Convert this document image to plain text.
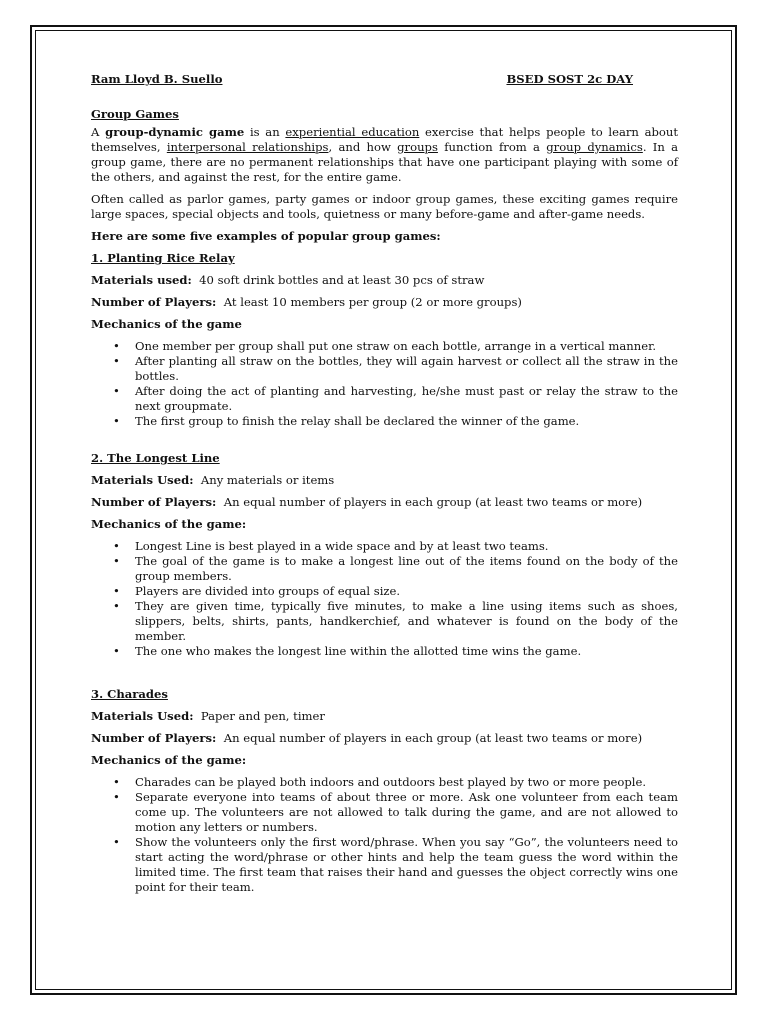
Ram Lloyd B. Suello	BSED SOST 2c DAY
Group Games

A group-dynamic game is an experiential education exercise that helps people to learn about themselves, interpersonal relationships, and how groups function from a group dynamics. In a group game, there are no permanent relationships that have one participant playing with some of the others, and against the rest, for the entire game.

Often called as parlor games, party games or indoor group games, these exciting games require large spaces, special objects and tools, quietness or many before-game and after-game needs.

Here are some five examples of popular group games:
1. Planting Rice Relay
Materials used: 40 soft drink bottles and at least 30 pcs of straw
Number of Players: At least 10 members per group (2 or more groups)
Mechanics of the game
• One member per group shall put one straw on each bottle, arrange in a vertical manner.
• After planting all straw on the bottles, they will again harvest or collect all the straw in the bottles.
• After doing the act of planting and harvesting, he/she must past or relay the straw to the next groupmate.
• The first group to finish the relay shall be declared the winner of the game.
2. The Longest Line
Materials Used: Any materials or items
Number of Players: An equal number of players in each group (at least two teams or more)
Mechanics of the game:
• Longest Line is best played in a wide space and by at least two teams.
• The goal of the game is to make a longest line out of the items found on the body of the group members.
• Players are divided into groups of equal size.
• They are given time, typically five minutes, to make a line using items such as shoes, slippers, belts, shirts, pants, handkerchief, and whatever is found on the body of the member.
• The one who makes the longest line within the allotted time wins the game.
3. Charades
Materials Used: Paper and pen, timer
Number of Players: An equal number of players in each group (at least two teams or more)
Mechanics of the game:
• Charades can be played both indoors and outdoors best played by two or more people.
• Separate everyone into teams of about three or more. Ask one volunteer from each team come up. The volunteers are not allowed to talk during the game, and are not allowed to motion any letters or numbers.
• Show the volunteers only the first word/phrase. When you say “Go”, the volunteers need to start acting the word/phrase or other hints and help the team guess the word within the limited time. The first team that raises their hand and guesses the object correctly wins one point for their team.
